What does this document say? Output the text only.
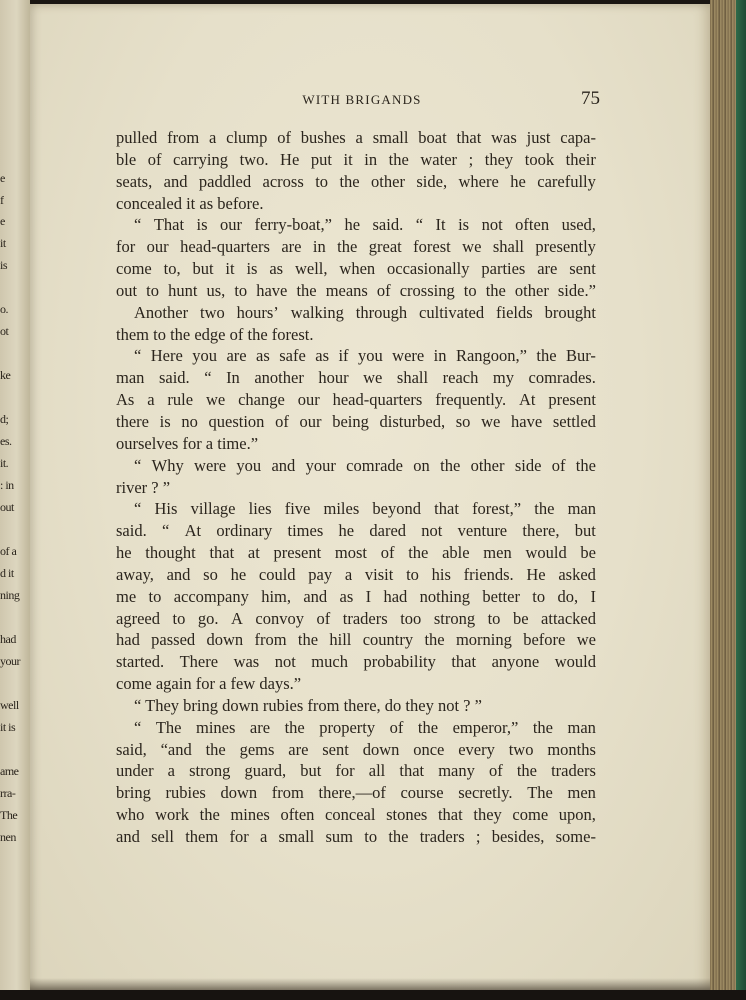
e
f
e
it
is
o.
ot
ke
d;
es.
it.
: in
out
of a
d it
ning
had
your
well
it is
ame
rra-
The
nen
WITH BRIGANDS	75
pulled from a clump of bushes a small boat that was just capa-
ble of carrying two. He put it in the water ; they took their
seats, and paddled across to the other side, where he carefully
concealed it as before.
“ That is our ferry-boat,” he said. “ It is not often used,
for our head-quarters are in the great forest we shall presently
come to, but it is as well, when occasionally parties are sent
out to hunt us, to have the means of crossing to the other side.”
Another two hours’ walking through cultivated fields brought
them to the edge of the forest.
“ Here you are as safe as if you were in Rangoon,” the Bur-
man said. “ In another hour we shall reach my comrades.
As a rule we change our head-quarters frequently. At present
there is no question of our being disturbed, so we have settled
ourselves for a time.”
“ Why were you and your comrade on the other side of the
river ? ”
“ His village lies five miles beyond that forest,” the man
said. “ At ordinary times he dared not venture there, but
he thought that at present most of the able men would be
away, and so he could pay a visit to his friends. He asked
me to accompany him, and as I had nothing better to do, I
agreed to go. A convoy of traders too strong to be attacked
had passed down from the hill country the morning before we
started. There was not much probability that anyone would
come again for a few days.”
“ They bring down rubies from there, do they not ? ”
“ The mines are the property of the emperor,” the man
said, “and the gems are sent down once every two months
under a strong guard, but for all that many of the traders
bring rubies down from there,—of course secretly. The men
who work the mines often conceal stones that they come upon,
and sell them for a small sum to the traders ; besides, some-
